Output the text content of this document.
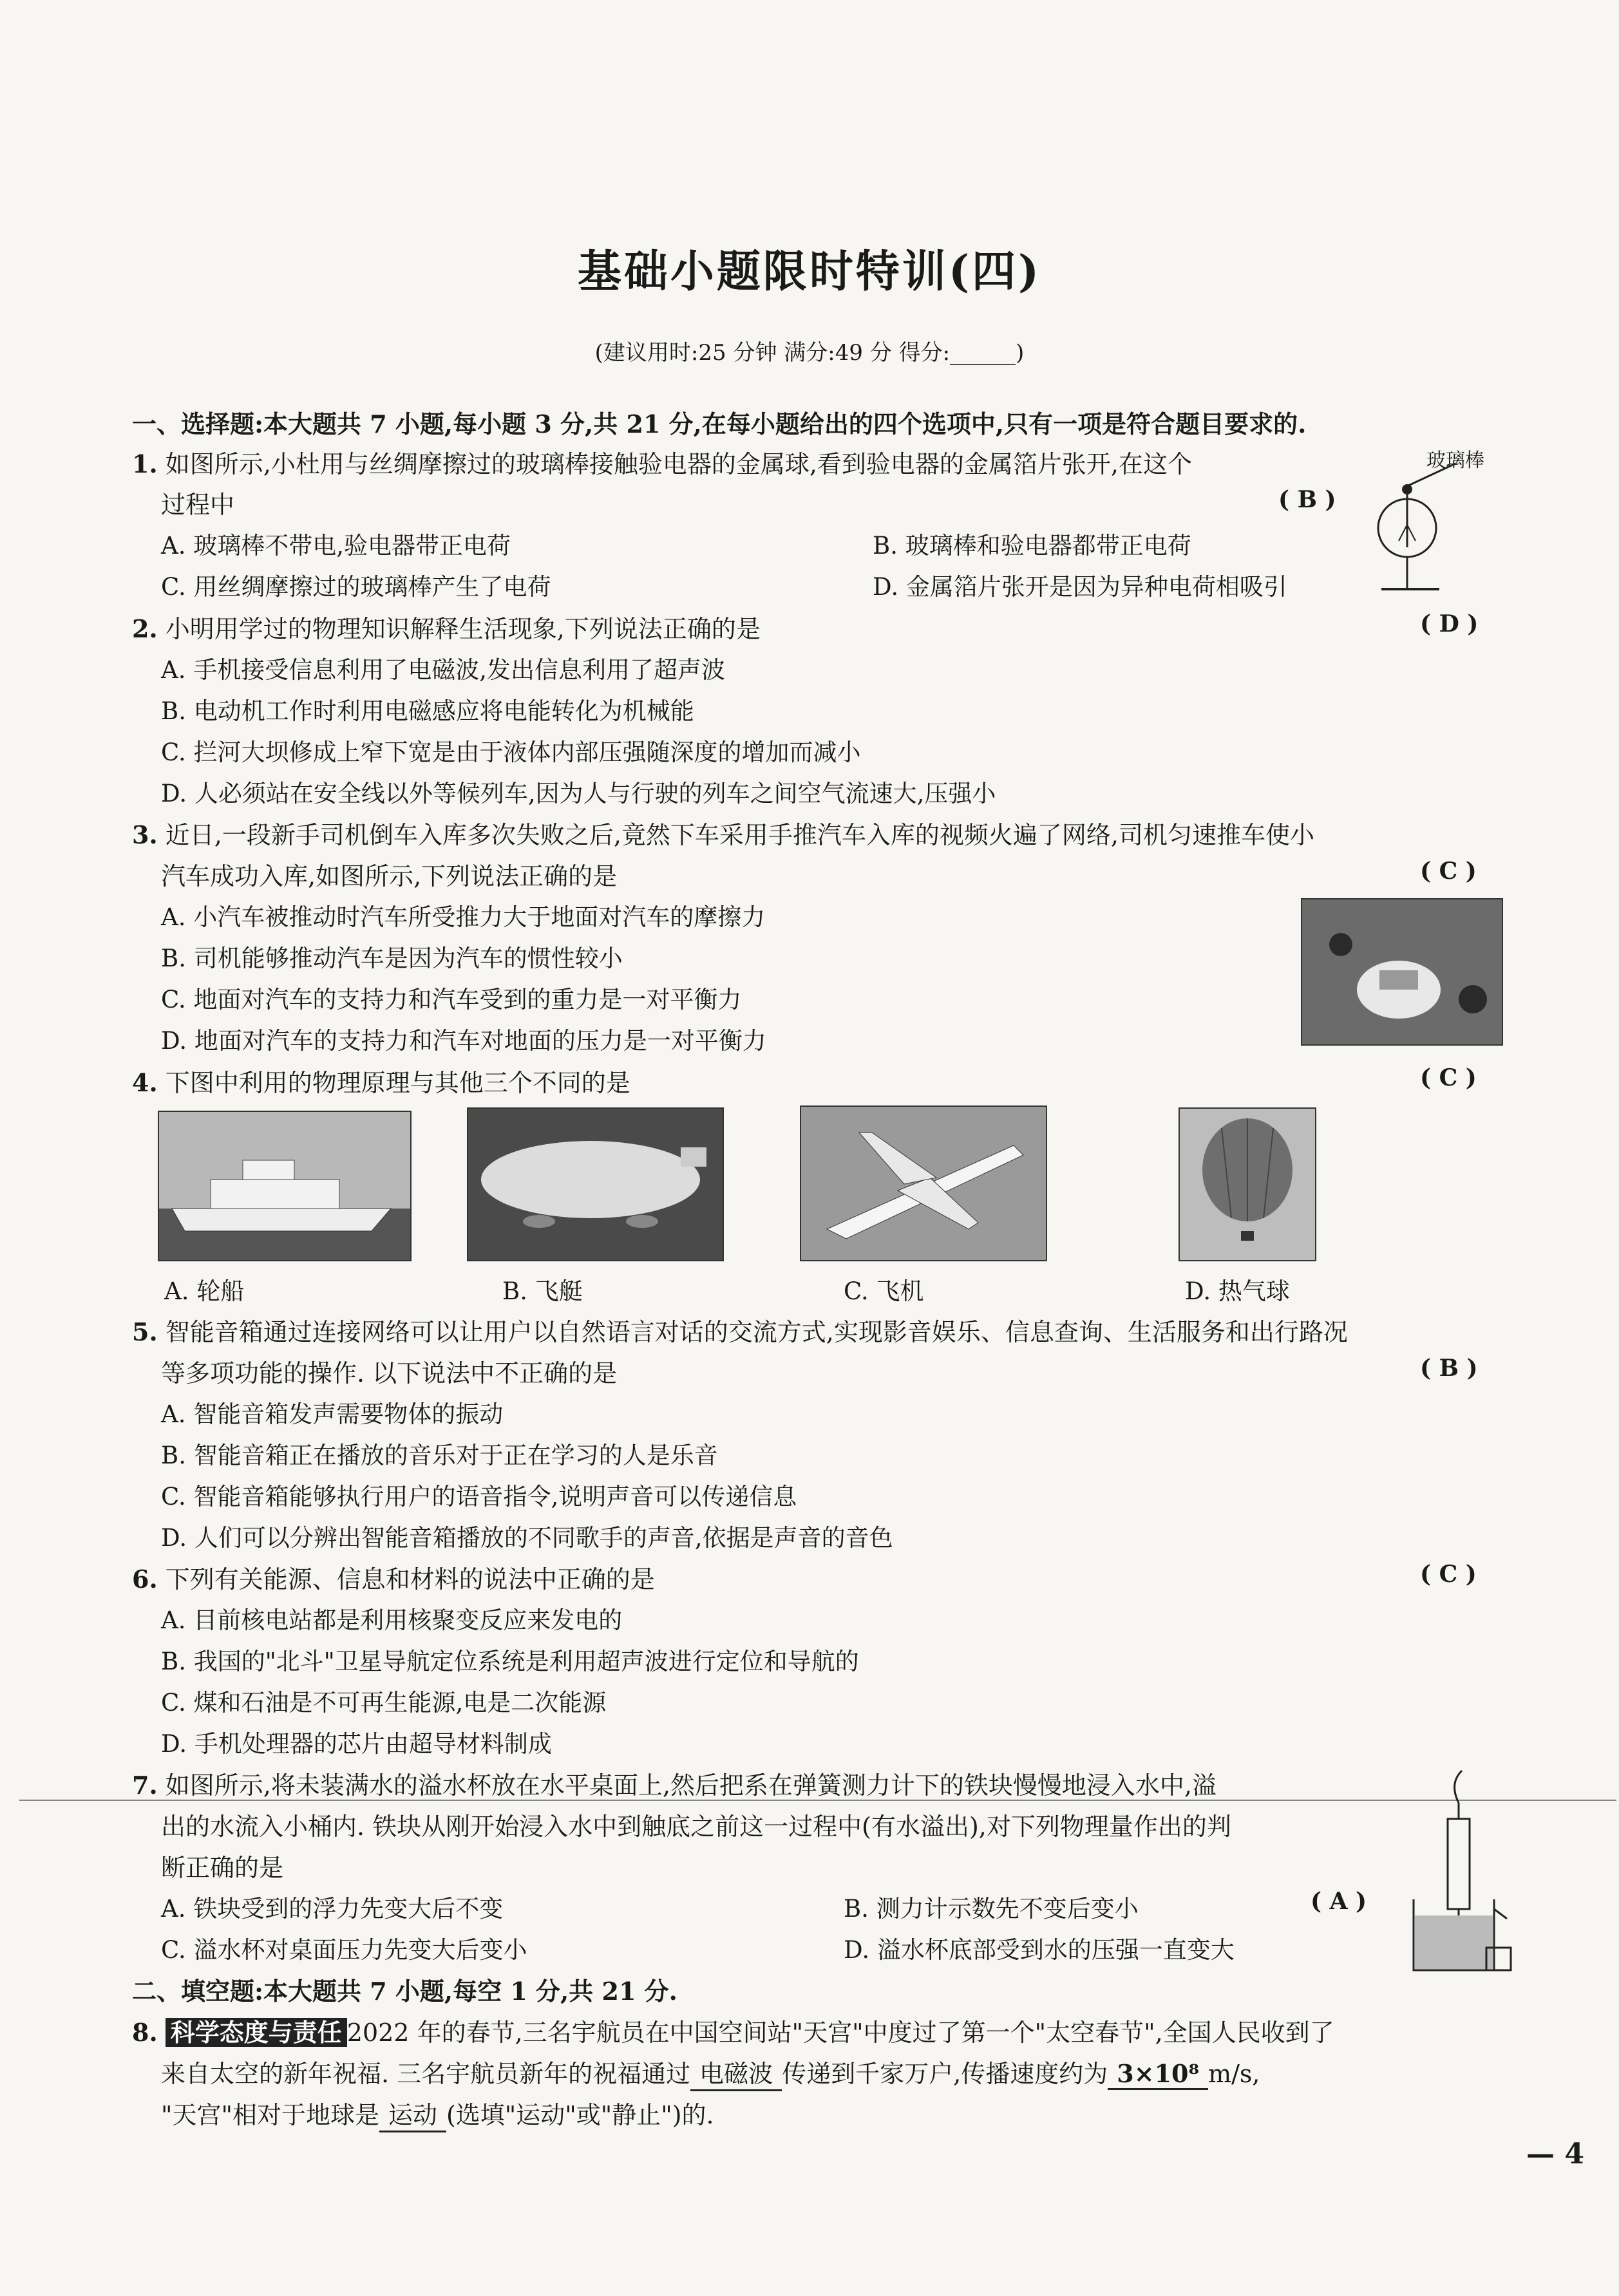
基础小题限时特训(四)
(建议用时:25 分钟 满分:49 分 得分:______)
一、选择题:本大题共 7 小题,每小题 3 分,共 21 分,在每小题给出的四个选项中,只有一项是符合题目要求的.
1. 如图所示,小杜用与丝绸摩擦过的玻璃棒接触验电器的金属球,看到验电器的金属箔片张开,在这个
过程中	( B )
A. 玻璃棒不带电,验电器带正电荷	B. 玻璃棒和验电器都带正电荷
C. 用丝绸摩擦过的玻璃棒产生了电荷	D. 金属箔片张开是因为异种电荷相吸引
玻璃棒
2. 小明用学过的物理知识解释生活现象,下列说法正确的是	( D )
A. 手机接受信息利用了电磁波,发出信息利用了超声波
B. 电动机工作时利用电磁感应将电能转化为机械能
C. 拦河大坝修成上窄下宽是由于液体内部压强随深度的增加而减小
D. 人必须站在安全线以外等候列车,因为人与行驶的列车之间空气流速大,压强小
3. 近日,一段新手司机倒车入库多次失败之后,竟然下车采用手推汽车入库的视频火遍了网络,司机匀速推车使小
汽车成功入库,如图所示,下列说法正确的是	( C )
A. 小汽车被推动时汽车所受推力大于地面对汽车的摩擦力
B. 司机能够推动汽车是因为汽车的惯性较小
C. 地面对汽车的支持力和汽车受到的重力是一对平衡力
D. 地面对汽车的支持力和汽车对地面的压力是一对平衡力
4. 下图中利用的物理原理与其他三个不同的是	( C )
A. 轮船	B. 飞艇	C. 飞机	D. 热气球
5. 智能音箱通过连接网络可以让用户以自然语言对话的交流方式,实现影音娱乐、信息查询、生活服务和出行路况
等多项功能的操作. 以下说法中不正确的是	( B )
A. 智能音箱发声需要物体的振动
B. 智能音箱正在播放的音乐对于正在学习的人是乐音
C. 智能音箱能够执行用户的语音指令,说明声音可以传递信息
D. 人们可以分辨出智能音箱播放的不同歌手的声音,依据是声音的音色
6. 下列有关能源、信息和材料的说法中正确的是	( C )
A. 目前核电站都是利用核聚变反应来发电的
B. 我国的"北斗"卫星导航定位系统是利用超声波进行定位和导航的
C. 煤和石油是不可再生能源,电是二次能源
D. 手机处理器的芯片由超导材料制成
7. 如图所示,将未装满水的溢水杯放在水平桌面上,然后把系在弹簧测力计下的铁块慢慢地浸入水中,溢
出的水流入小桶内. 铁块从刚开始浸入水中到触底之前这一过程中(有水溢出),对下列物理量作出的判
断正确的是
( A )
A. 铁块受到的浮力先变大后不变	B. 测力计示数先不变后变小
C. 溢水杯对桌面压力先变大后变小	D. 溢水杯底部受到水的压强一直变大
二、填空题:本大题共 7 小题,每空 1 分,共 21 分.
8. 科学态度与责任 2022 年的春节,三名宇航员在中国空间站"天宫"中度过了第一个"太空春节",全国人民收到了
来自太空的新年祝福. 三名宇航员新年的祝福通过 电磁波 传递到千家万户,传播速度约为 3×10⁸ m/s,
"天宫"相对于地球是 运动 (选填"运动"或"静止")的.
— 4
